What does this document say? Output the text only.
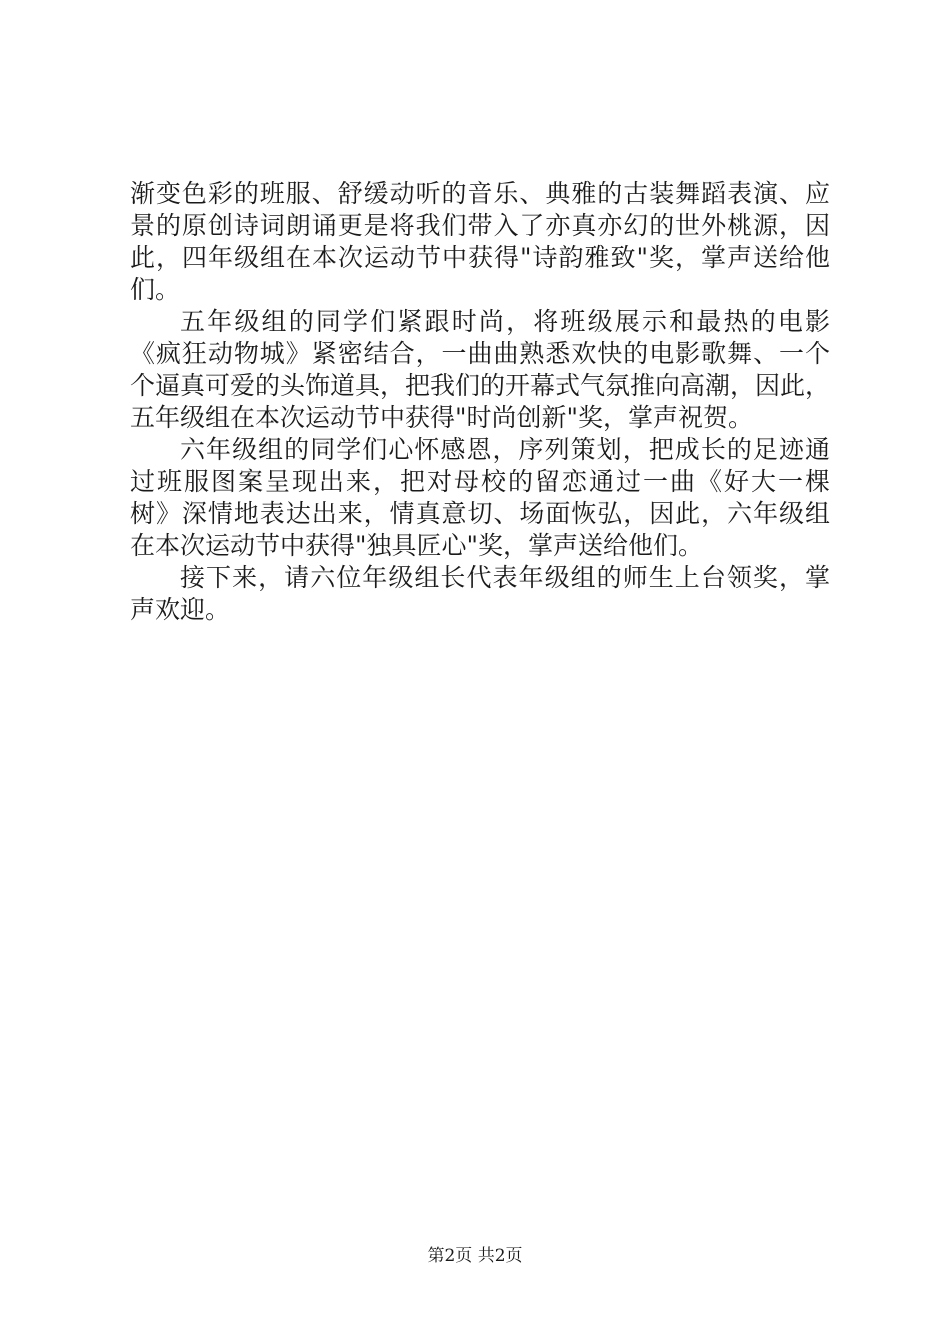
渐变色彩的班服、舒缓动听的音乐、典雅的古装舞蹈表演、应
景的原创诗词朗诵更是将我们带入了亦真亦幻的世外桃源，因
此，四年级组在本次运动节中获得"诗韵雅致"奖，掌声送给他
们。
五年级组的同学们紧跟时尚，将班级展示和最热的电影
《疯狂动物城》紧密结合，一曲曲熟悉欢快的电影歌舞、一个
个逼真可爱的头饰道具，把我们的开幕式气氛推向高潮，因此，
五年级组在本次运动节中获得"时尚创新"奖，掌声祝贺。
六年级组的同学们心怀感恩，序列策划，把成长的足迹通
过班服图案呈现出来，把对母校的留恋通过一曲《好大一棵
树》深情地表达出来，情真意切、场面恢弘，因此，六年级组
在本次运动节中获得"独具匠心"奖，掌声送给他们。
接下来，请六位年级组长代表年级组的师生上台领奖，掌
声欢迎。
第2页 共2页
